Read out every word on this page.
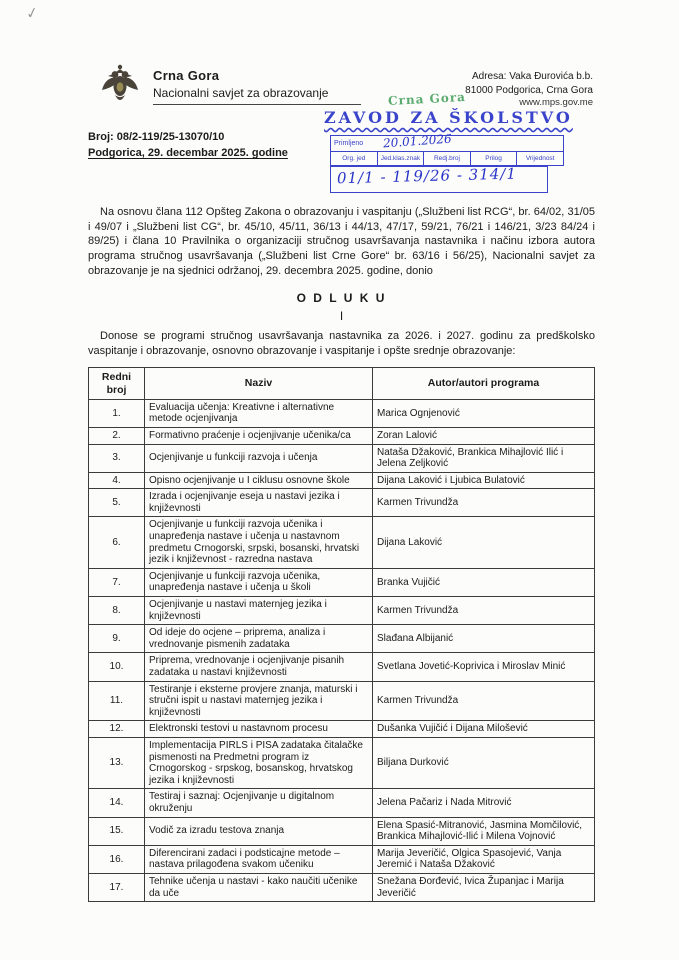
✓
Crna Gora
Nacionalni savjet za obrazovanje
Adresa: Vaka Đurovića b.b.
81000 Podgorica, Crna Gora
www.mps.gov.me
Crna Gora
ZAVOD ZA ŠKOLSTVO
Primljeno 20.01.2026
Org. jed	Jed.klas.znak	Redj.broj	Prilog	Vrijednost
01/1 - 119/26 - 314/1
Broj: 08/2-119/25-13070/10
Podgorica, 29. decembar 2025. godine

Na osnovu člana 112 Opšteg Zakona o obrazovanju i vaspitanju („Službeni list RCG“, br. 64/02, 31/05 i 49/07 i „Službeni list CG“, br. 45/10, 45/11, 36/13 i 44/13, 47/17, 59/21, 76/21 i 146/21, 3/23 84/24 i 89/25) i člana 10 Pravilnika o organizaciji stručnog usavršavanja nastavnika i načinu izbora autora programa stručnog usavršavanja („Službeni list Crne Gore“ br. 63/16 i 56/25), Nacionalni savjet za obrazovanje je na sjednici održanoj, 29. decembra 2025. godine, donio

O D L U K U
I

Donose se programi stručnog usavršavanja nastavnika za 2026. i 2027. godinu za predškolsko vaspitanje i obrazovanje, osnovno obrazovanje i vaspitanje i opšte srednje obrazovanje:

Redni broj	Naziv	Autor/autori programa
1.	Evaluacija učenja: Kreativne i alternativne metode ocjenjivanja	Marica Ognjenović
2.	Formativno praćenje i ocjenjivanje učenika/ca	Zoran Lalović
3.	Ocjenjivanje u funkciji razvoja i učenja	Nataša Džaković, Brankica Mihajlović Ilić i Jelena Zeljković
4.	Opisno ocjenjivanje u I ciklusu osnovne škole	Dijana Laković i Ljubica Bulatović
5.	Izrada i ocjenjivanje eseja u nastavi jezika i književnosti	Karmen Trivundža
6.	Ocjenjivanje u funkciji razvoja učenika i unapređenja nastave i učenja u nastavnom predmetu Crnogorski, srpski, bosanski, hrvatski jezik i književnost - razredna nastava	Dijana Laković
7.	Ocjenjivanje u funkciji razvoja učenika, unapređenja nastave i učenja u školi	Branka Vujičić
8.	Ocjenjivanje u nastavi maternjeg jezika i književnosti	Karmen Trivundža
9.	Od ideje do ocjene – priprema, analiza i vrednovanje pismenih zadataka	Slađana Albijanić
10.	Priprema, vrednovanje i ocjenjivanje pisanih zadataka u nastavi književnosti	Svetlana Jovetić-Koprivica i Miroslav Minić
11.	Testiranje i eksterne provjere znanja, maturski i stručni ispit u nastavi maternjeg jezika i književnosti	Karmen Trivundža
12.	Elektronski testovi u nastavnom procesu	Dušanka Vujičić i Dijana Milošević
13.	Implementacija PIRLS i PISA zadataka čitalačke pismenosti na Predmetni program iz Crnogorskog - srpskog, bosanskog, hrvatskog jezika i književnosti	Biljana Durković
14.	Testiraj i saznaj: Ocjenjivanje u digitalnom okruženju	Jelena Pačariz i Nada Mitrović
15.	Vodič za izradu testova znanja	Elena Spasić-Mitranović, Jasmina Momčilović, Brankica Mihajlović-Ilić i Milena Vojnović
16.	Diferencirani zadaci i podsticajne metode – nastava prilagođena svakom učeniku	Marija Jeveričić, Olgica Spasojević, Vanja Jeremić i Nataša Džaković
17.	Tehnike učenja u nastavi - kako naučiti učenike da uče	Snežana Đorđević, Ivica Županjac i Marija Jeveričić
